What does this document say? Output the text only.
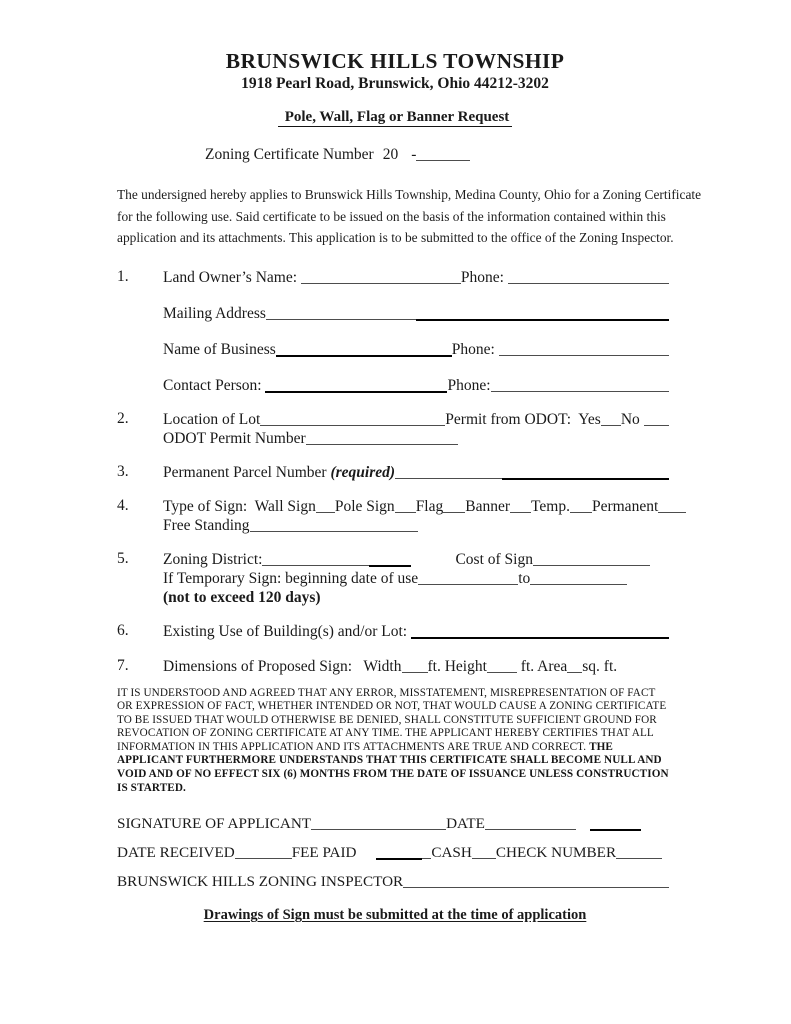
BRUNSWICK HILLS TOWNSHIP
1918 Pearl Road, Brunswick, Ohio 44212-3202
Pole, Wall, Flag or Banner Request
Zoning Certificate Number 20 -

The undersigned hereby applies to Brunswick Hills Township, Medina County, Ohio for a Zoning Certificate for the following use. Said certificate to be issued on the basis of the information contained within this application and its attachments. This application is to be submitted to the office of the Zoning Inspector.

1.	Land Owner’s Name:	Phone:
Mailing Address
Name of Business	Phone:
Contact Person:	Phone:
2.	Location of Lot	Permit from ODOT:  Yes No
ODOT Permit Number
3.	Permanent Parcel Number (required)
4.	Type of Sign:  Wall Sign Pole Sign Flag Banner Temp. Permanent
Free Standing
5.	Zoning District:	Cost of Sign
If Temporary Sign: beginning date of use	to
(not to exceed 120 days)
6.	Existing Use of Building(s) and/or Lot:
7.	Dimensions of Proposed Sign:   Width ft. Height ft. Area sq. ft.

IT IS UNDERSTOOD AND AGREED THAT ANY ERROR, MISSTATEMENT, MISREPRESENTATION OF FACT OR EXPRESSION OF FACT, WHETHER INTENDED OR NOT, THAT WOULD CAUSE A ZONING CERTIFICATE TO BE ISSUED THAT WOULD OTHERWISE BE DENIED, SHALL CONSTITUTE SUFFICIENT GROUND FOR REVOCATION OF ZONING CERTIFICATE AT ANY TIME. THE APPLICANT HEREBY CERTIFIES THAT ALL INFORMATION IN THIS APPLICATION AND ITS ATTACHMENTS ARE TRUE AND CORRECT. THE APPLICANT FURTHERMORE UNDERSTANDS THAT THIS CERTIFICATE SHALL BECOME NULL AND VOID AND OF NO EFFECT SIX (6) MONTHS FROM THE DATE OF ISSUANCE UNLESS CONSTRUCTION IS STARTED.

SIGNATURE OF APPLICANT	DATE
DATE RECEIVED	FEE PAID	CASH CHECK NUMBER
BRUNSWICK HILLS ZONING INSPECTOR
Drawings of Sign must be submitted at the time of application
